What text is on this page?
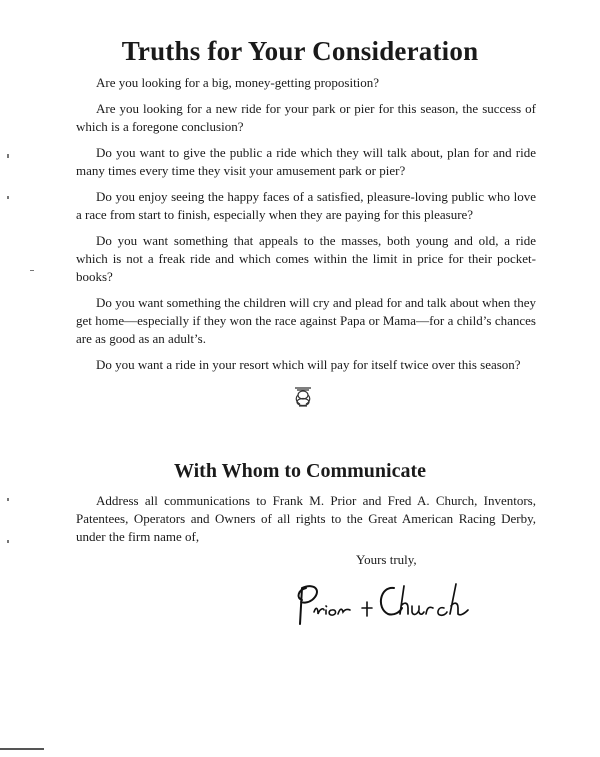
Truths for Your Consideration

Are you looking for a big, money-getting proposition?

Are you looking for a new ride for your park or pier for this season, the success of which is a foregone conclusion?

Do you want to give the public a ride which they will talk about, plan for and ride many times every time they visit your amusement park or pier?

Do you enjoy seeing the happy faces of a satisfied, pleasure-loving public who love a race from start to finish, especially when they are paying for this pleasure?

Do you want something that appeals to the masses, both young and old, a ride which is not a freak ride and which comes within the limit in price for their pocket-books?

Do you want something the children will cry and plead for and talk about when they get home—especially if they won the race against Papa or Mama—for a child’s chances are as good as an adult’s.

Do you want a ride in your resort which will pay for itself twice over this season?

With Whom to Communicate

Address all communications to Frank M. Prior and Fred A. Church, Inventors, Patentees, Operators and Owners of all rights to the Great American Racing Derby, under the firm name of,

Yours truly,
